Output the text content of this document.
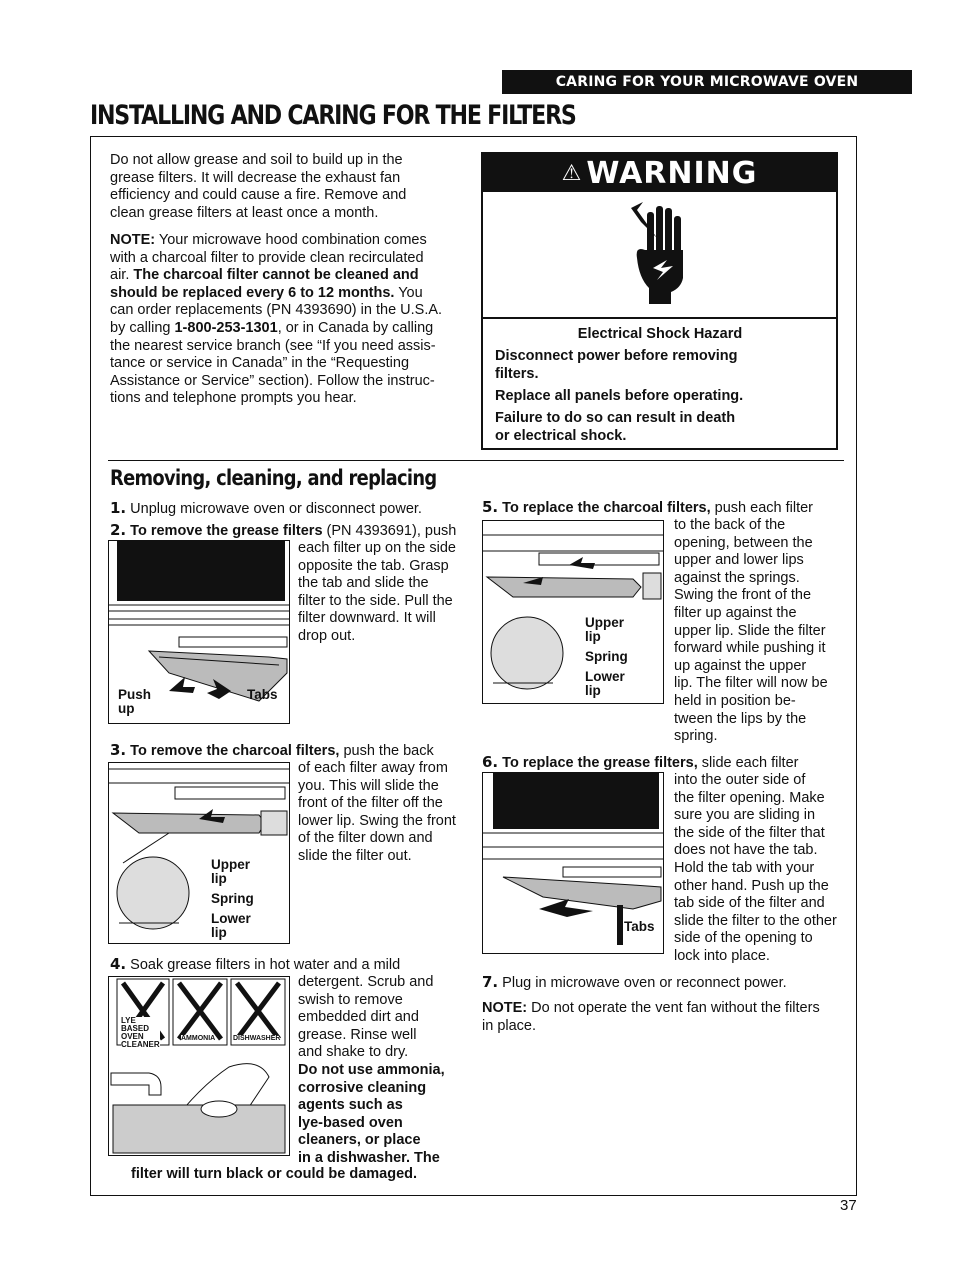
CARING FOR YOUR MICROWAVE OVEN
INSTALLING AND CARING FOR THE FILTERS
Do not allow grease and soil to build up in the
grease filters. It will decrease the exhaust fan
efficiency and could cause a fire. Remove and
clean grease filters at least once a month.
NOTE: Your microwave hood combination comes
with a charcoal filter to provide clean recirculated
air. The charcoal filter cannot be cleaned and
should be replaced every 6 to 12 months. You
can order replacements (PN 4393690) in the U.S.A.
by calling 1-800-253-1301, or in Canada by calling
the nearest service branch (see “If you need assis-
tance or service in Canada” in the “Requesting
Assistance or Service” section). Follow the instruc-
tions and telephone prompts you hear.
⚠ WARNING
Electrical Shock Hazard
Disconnect power before removing
filters.
Replace all panels before operating.
Failure to do so can result in death
or electrical shock.
Removing, cleaning, and replacing
1. Unplug microwave oven or disconnect power.
2. To remove the grease filters (PN 4393691), push
each filter up on the side
opposite the tab. Grasp
the tab and slide the
filter to the side. Pull the
filter downward. It will
drop out.
Push
up
Tabs
3. To remove the charcoal filters, push the back
of each filter away from
you. This will slide the
front of the filter off the
lower lip. Swing the front
of the filter down and
slide the filter out.
Upper
lip
Spring
Lower
lip
4. Soak grease filters in hot water and a mild
detergent. Scrub and
swish to remove
embedded dirt and
grease. Rinse well
and shake to dry.
Do not use ammonia,
corrosive cleaning
agents such as
lye-based oven
cleaners, or place
in a dishwasher. The
filter will turn black or could be damaged.
LYE
BASED
OVEN
CLEANER
AMMONIA	DISHWASHER
5. To replace the charcoal filters, push each filter
to the back of the
opening, between the
upper and lower lips
against the springs.
Swing the front of the
filter up against the
upper lip. Slide the filter
forward while pushing it
up against the upper
lip. The filter will now be
held in position be-
tween the lips by the
spring.
Upper
lip
Spring
Lower
lip
6. To replace the grease filters, slide each filter
into the outer side of
the filter opening. Make
sure you are sliding in
the side of the filter that
does not have the tab.
Hold the tab with your
other hand. Push up the
tab side of the filter and
slide the filter to the other
side of the opening to
lock into place.
Tabs
7. Plug in microwave oven or reconnect power.
NOTE: Do not operate the vent fan without the filters
in place.
37
